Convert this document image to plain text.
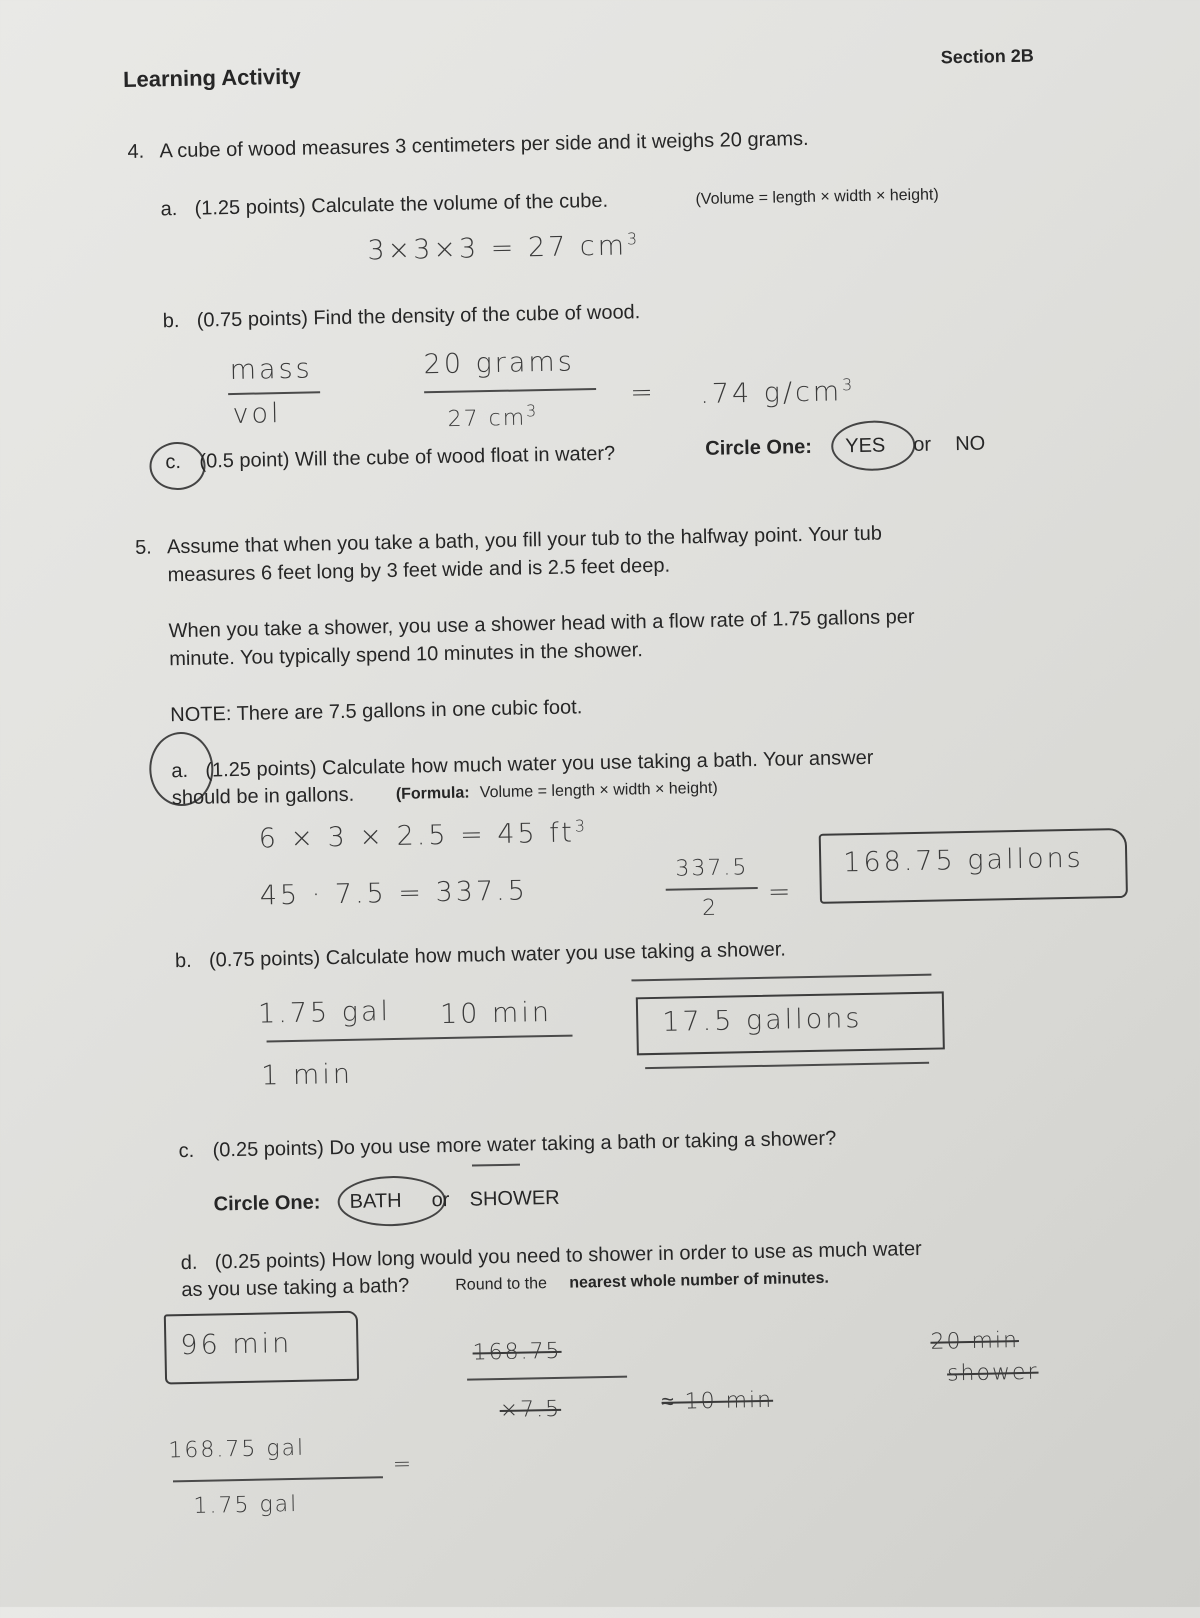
Learning Activity
Section 2B
4. A cube of wood measures 3 centimeters per side and it weighs 20 grams.
a. (1.25 points) Calculate the volume of the cube.	(Volume = length × width × height)
3×3×3 = 27 $cm^3$
b. (0.75 points) Find the density of the cube of wood.
mass
vol
20 grams
27 $cm^3$
= .74 $g/cm^3$
c. (0.5 point) Will the cube of wood float in water?	Circle One: YES or NO
5. Assume that when you take a bath, you fill your tub to the halfway point. Your tub
measures 6 feet long by 3 feet wide and is 2.5 feet deep.
When you take a shower, you use a shower head with a flow rate of 1.75 gallons per
minute. You typically spend 10 minutes in the shower.
NOTE: There are 7.5 gallons in one cubic foot.
a. (1.25 points) Calculate how much water you use taking a bath. Your answer
should be in gallons.	(Formula: Volume = length × width × height)
6 × 3 × 2.5 = 45 $ft^3$
45 · 7.5 = 337.5
337.5
2
=
168.75 gallons
b. (0.75 points) Calculate how much water you use taking a shower.
1.75 gal 10 min
1 min
17.5 gallons
c. (0.25 points) Do you use more water taking a bath or taking a shower?
Circle One: BATH or SHOWER
d. (0.25 points) How long would you need to shower in order to use as much water
as you use taking a bath?	Round to the nearest whole number of minutes.
96 min	168.75
×7.5	≈ 10 min
20 min
shower
168.75 gal
=
1.75 gal
